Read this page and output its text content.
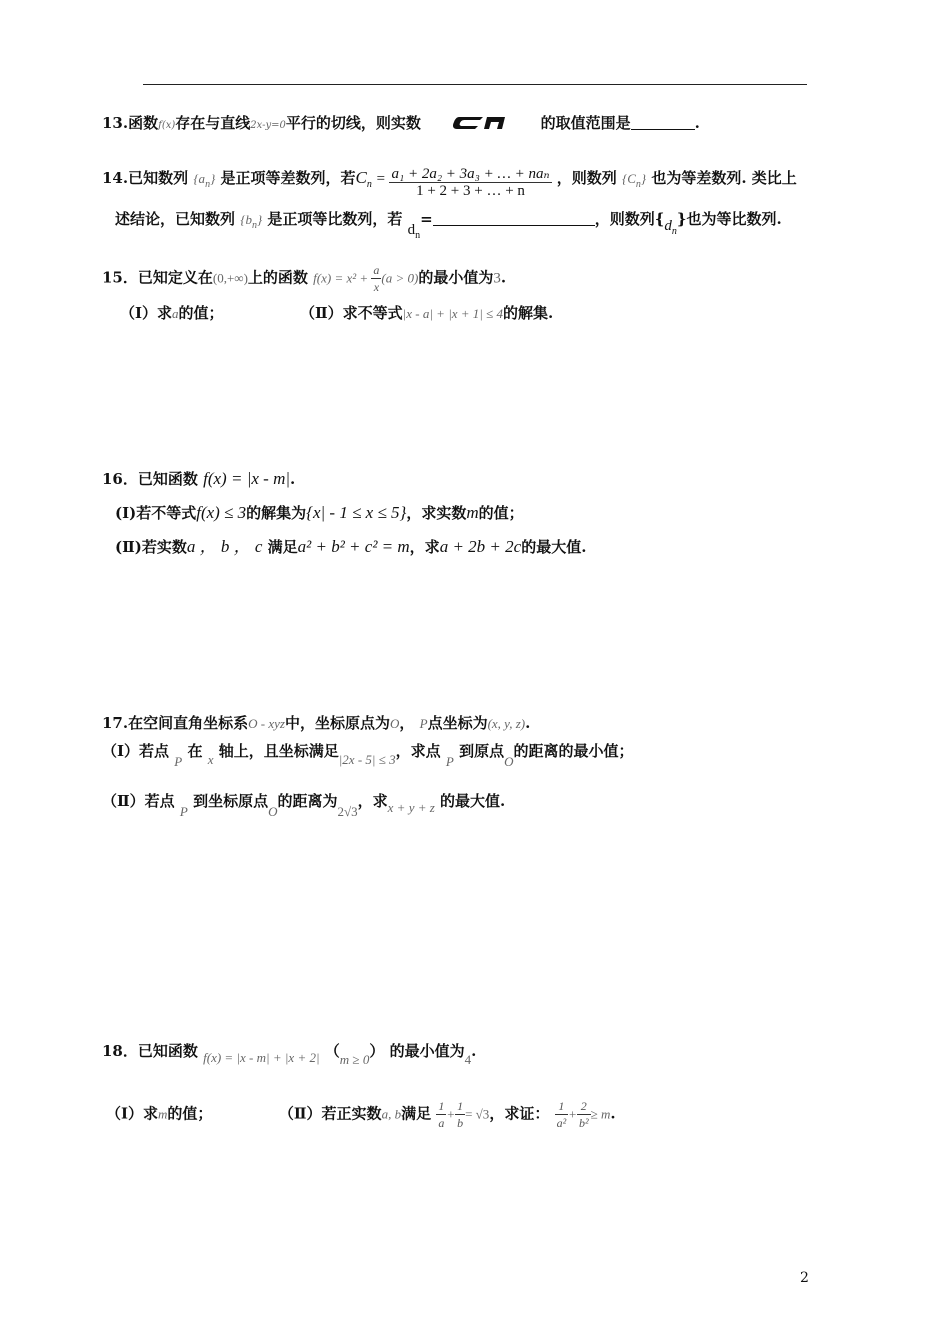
13.函数f(x)存在与直线2x-y=0平行的切线，则实数	的取值范围是	.
14.已知数列 $\{a_n\}$ 是正项等差数列，若$C_n = \frac{\text{a₁ + 2a₂ + 3a₃ + … + naₙ}}{1 + 2 + 3 + \dots + n}$ ，则数列 $\{C_n\}$ 也为等差数列. 类比上
述结论，已知数列 $\{b_n\}$ 是正项等比数列，若 $d_n=$	，则数列$\{d_n\}$也为等比数列.
15．已知定义在(0,+∞)上的函数 $f(x) = x^2 + \frac{a}{x} (a > 0)$的最小值为3.
（Ⅰ）求a的值；	（Ⅱ）求不等式|x - a| + |x + 1| ≤ 4的解集.
16．已知函数 f(x) = |x - m|.
(Ⅰ)若不等式f(x) ≤ 3的解集为{x| - 1 ≤ x ≤ 5}，求实数m的值；
(Ⅱ)若实数a ， b ， c 满足a² + b² + c² = m，求a + 2b + 2c的最大值.
17.在空间直角坐标系O - xyz中，坐标原点为O， P点坐标为(x, y, z).
（Ⅰ）若点 P 在 x 轴上，且坐标满足|2x - 5| ≤ 3，求点 P 到原点O的距离的最小值；
（Ⅱ）若点 P 到坐标原点O的距离为2√3，求x + y + z 的最大值.
18．已知函数 f(x) = |x - m| + |x + 2| （m ≥ 0） 的最小值为4.
（Ⅰ）求m的值；	（Ⅱ）若正实数a, b满足 $\frac{1}{a} + \frac{1}{b} = √3$，求证： $\frac{1}{\text{a²}} + \frac{2}{\text{b²}} \ge m$.
2
